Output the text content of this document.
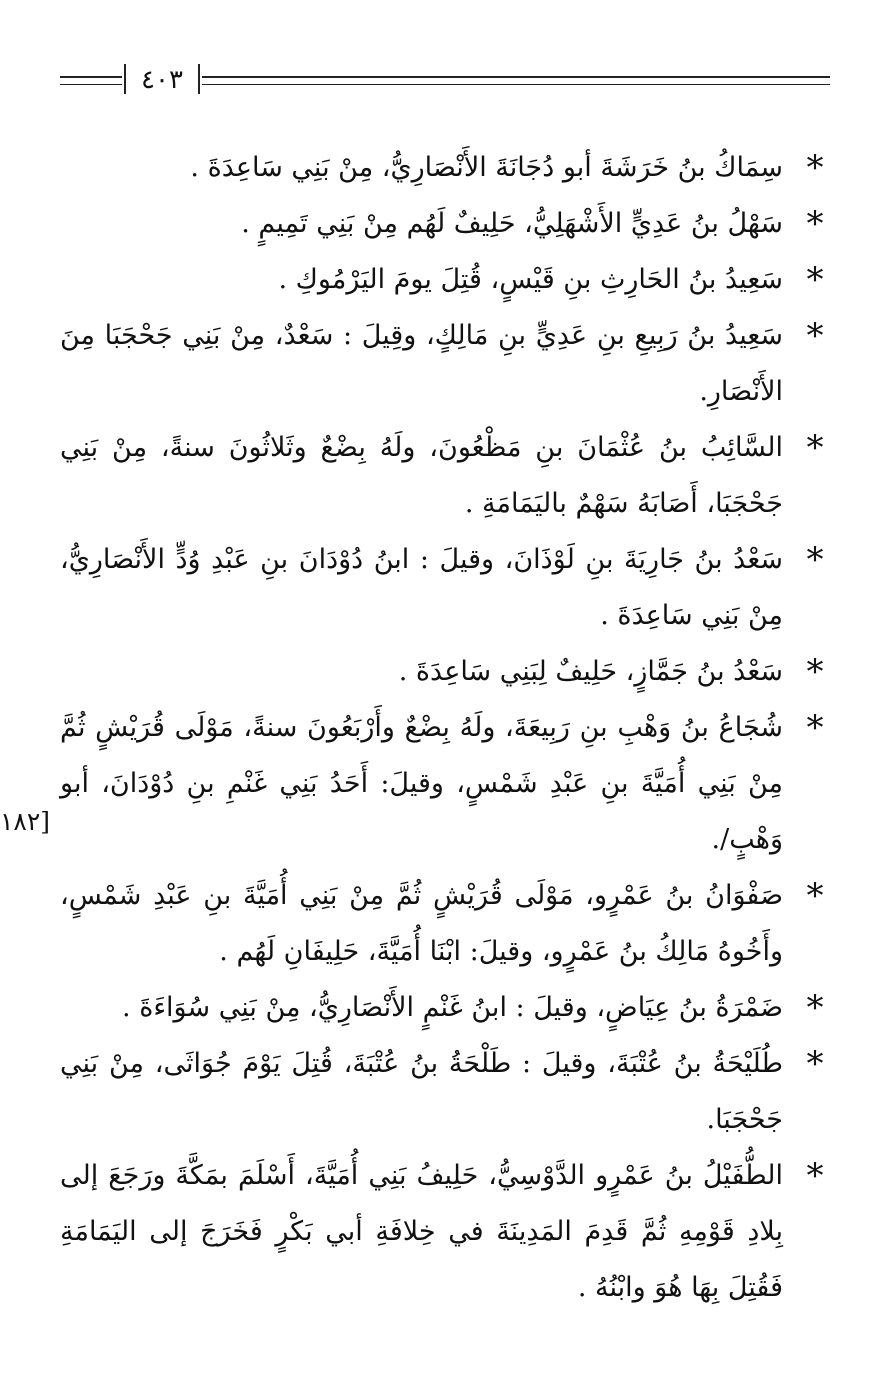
٤٠٣
[١٨٢
*
سِمَاكُ بنُ خَرَشَةَ أبو دُجَانَةَ الأَنْصَارِيُّ، مِنْ بَنِي سَاعِدَةَ .
*
سَهْلُ بنُ عَدِيٍّ الأَشْهَلِيُّ، حَلِيفٌ لَهُم مِنْ بَنِي تَمِيمٍ .
*
سَعِيدُ بنُ الحَارِثِ بنِ قَيْسٍ، قُتِلَ يومَ اليَرْمُوكِ .
*
سَعِيدُ بنُ رَبِيعِ بنِ عَدِيٍّ بنِ مَالِكٍ، وقِيلَ : سَعْدٌ، مِنْ بَنِي جَحْجَبَا مِنَ الأَنْصَارِ.
*
السَّائِبُ بنُ عُثْمَانَ بنِ مَظْعُونَ، ولَهُ بِضْعٌ وثَلاثُونَ سنةً، مِنْ بَنِي جَحْجَبَا، أَصَابَهُ سَهْمٌ باليَمَامَةِ .
*
سَعْدُ بنُ جَارِيَةَ بنِ لَوْذَانَ، وقيلَ : ابنُ دُوْدَانَ بنِ عَبْدِ وُدٍّ الأَنْصَارِيُّ، مِنْ بَنِي سَاعِدَةَ .
*
سَعْدُ بنُ جَمَّازٍ، حَلِيفٌ لِبَنِي سَاعِدَةَ .
*
شُجَاعُ بنُ وَهْبِ بنِ رَبِيعَةَ، ولَهُ بِضْعٌ وأَرْبَعُونَ سنةً، مَوْلَى قُرَيْشٍ ثُمَّ مِنْ بَنِي أُمَيَّةَ بنِ عَبْدِ شَمْسٍ، وقيلَ: أَحَدُ بَنِي غَنْمِ بنِ دُوْدَانَ، أبو وَهْبٍ/.
*
صَفْوَانُ بنُ عَمْرٍو، مَوْلَى قُرَيْشٍ ثُمَّ مِنْ بَنِي أُمَيَّةَ بنِ عَبْدِ شَمْسٍ، وأَخُوهُ مَالِكُ بنُ عَمْرٍو، وقيلَ: ابْنَا أُمَيَّةَ، حَلِيفَانِ لَهُم .
*
ضَمْرَةُ بنُ عِيَاضٍ، وقيلَ : ابنُ غَنْمٍ الأَنْصَارِيُّ، مِنْ بَنِي سُوَاءَةَ .
*
طُلَيْحَةُ بنُ عُتْبَةَ، وقيلَ : طَلْحَةُ بنُ عُتْبَةَ، قُتِلَ يَوْمَ جُوَاثَى، مِنْ بَنِي جَحْجَبَا.
*
الطُّفَيْلُ بنُ عَمْرٍو الدَّوْسِيُّ، حَلِيفُ بَنِي أُمَيَّةَ، أَسْلَمَ بمَكَّةَ ورَجَعَ إلى بِلادِ قَوْمِهِ ثُمَّ قَدِمَ المَدِينَةَ في خِلافَةِ أبي بَكْرٍ فَخَرَجَ إلى اليَمَامَةِ فَقُتِلَ بِهَا هُوَ وابْنُهُ .
